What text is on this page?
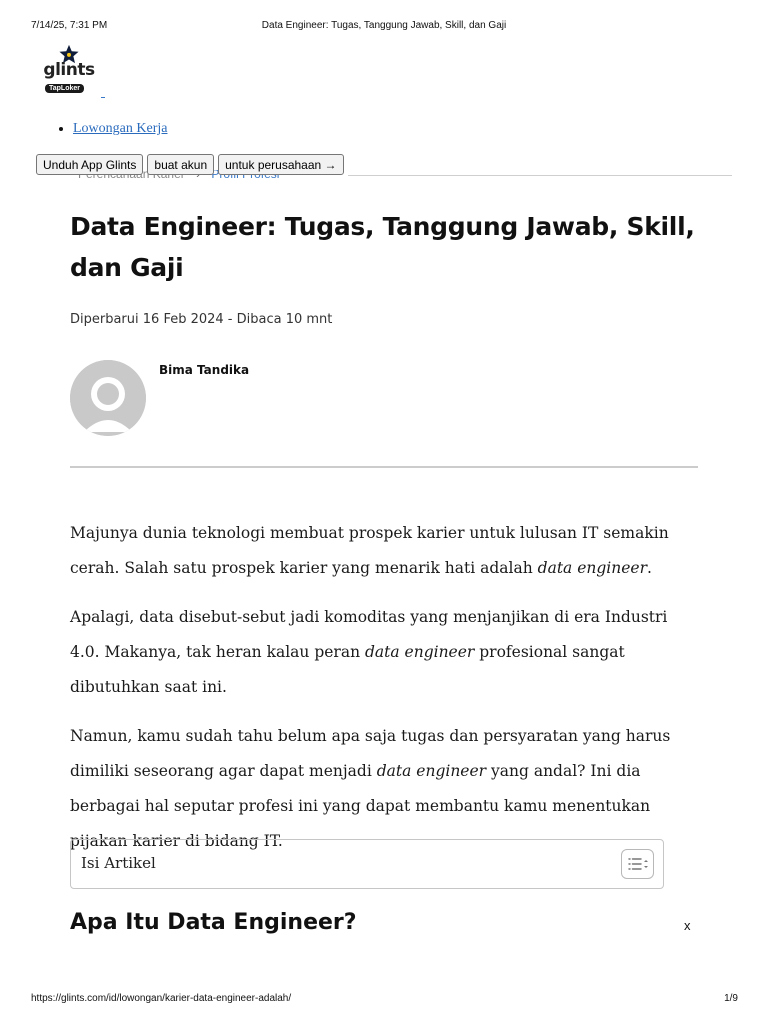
7/14/25, 7:31 PM	Data Engineer: Tugas, Tanggung Jawab, Skill, dan Gaji
glints
TapLoker
• Lowongan Kerja
Unduh App Glints	buat akun	untuk perusahaan →
Data Engineer: Tugas, Tanggung Jawab, Skill, dan Gaji
Diperbarui 16 Feb 2024 - Dibaca 10 mnt
Bima Tandika

Majunya dunia teknologi membuat prospek karier untuk lulusan IT semakin cerah. Salah satu prospek karier yang menarik hati adalah data engineer.

Apalagi, data disebut-sebut jadi komoditas yang menjanjikan di era Industri 4.0. Makanya, tak heran kalau peran data engineer profesional sangat dibutuhkan saat ini.

Namun, kamu sudah tahu belum apa saja tugas dan persyaratan yang harus dimiliki seseorang agar dapat menjadi data engineer yang andal? Ini dia berbagai hal seputar profesi ini yang dapat membantu kamu menentukan pijakan karier di bidang IT.

Isi Artikel
Apa Itu Data Engineer?	x
https://glints.com/id/lowongan/karier-data-engineer-adalah/	1/9
